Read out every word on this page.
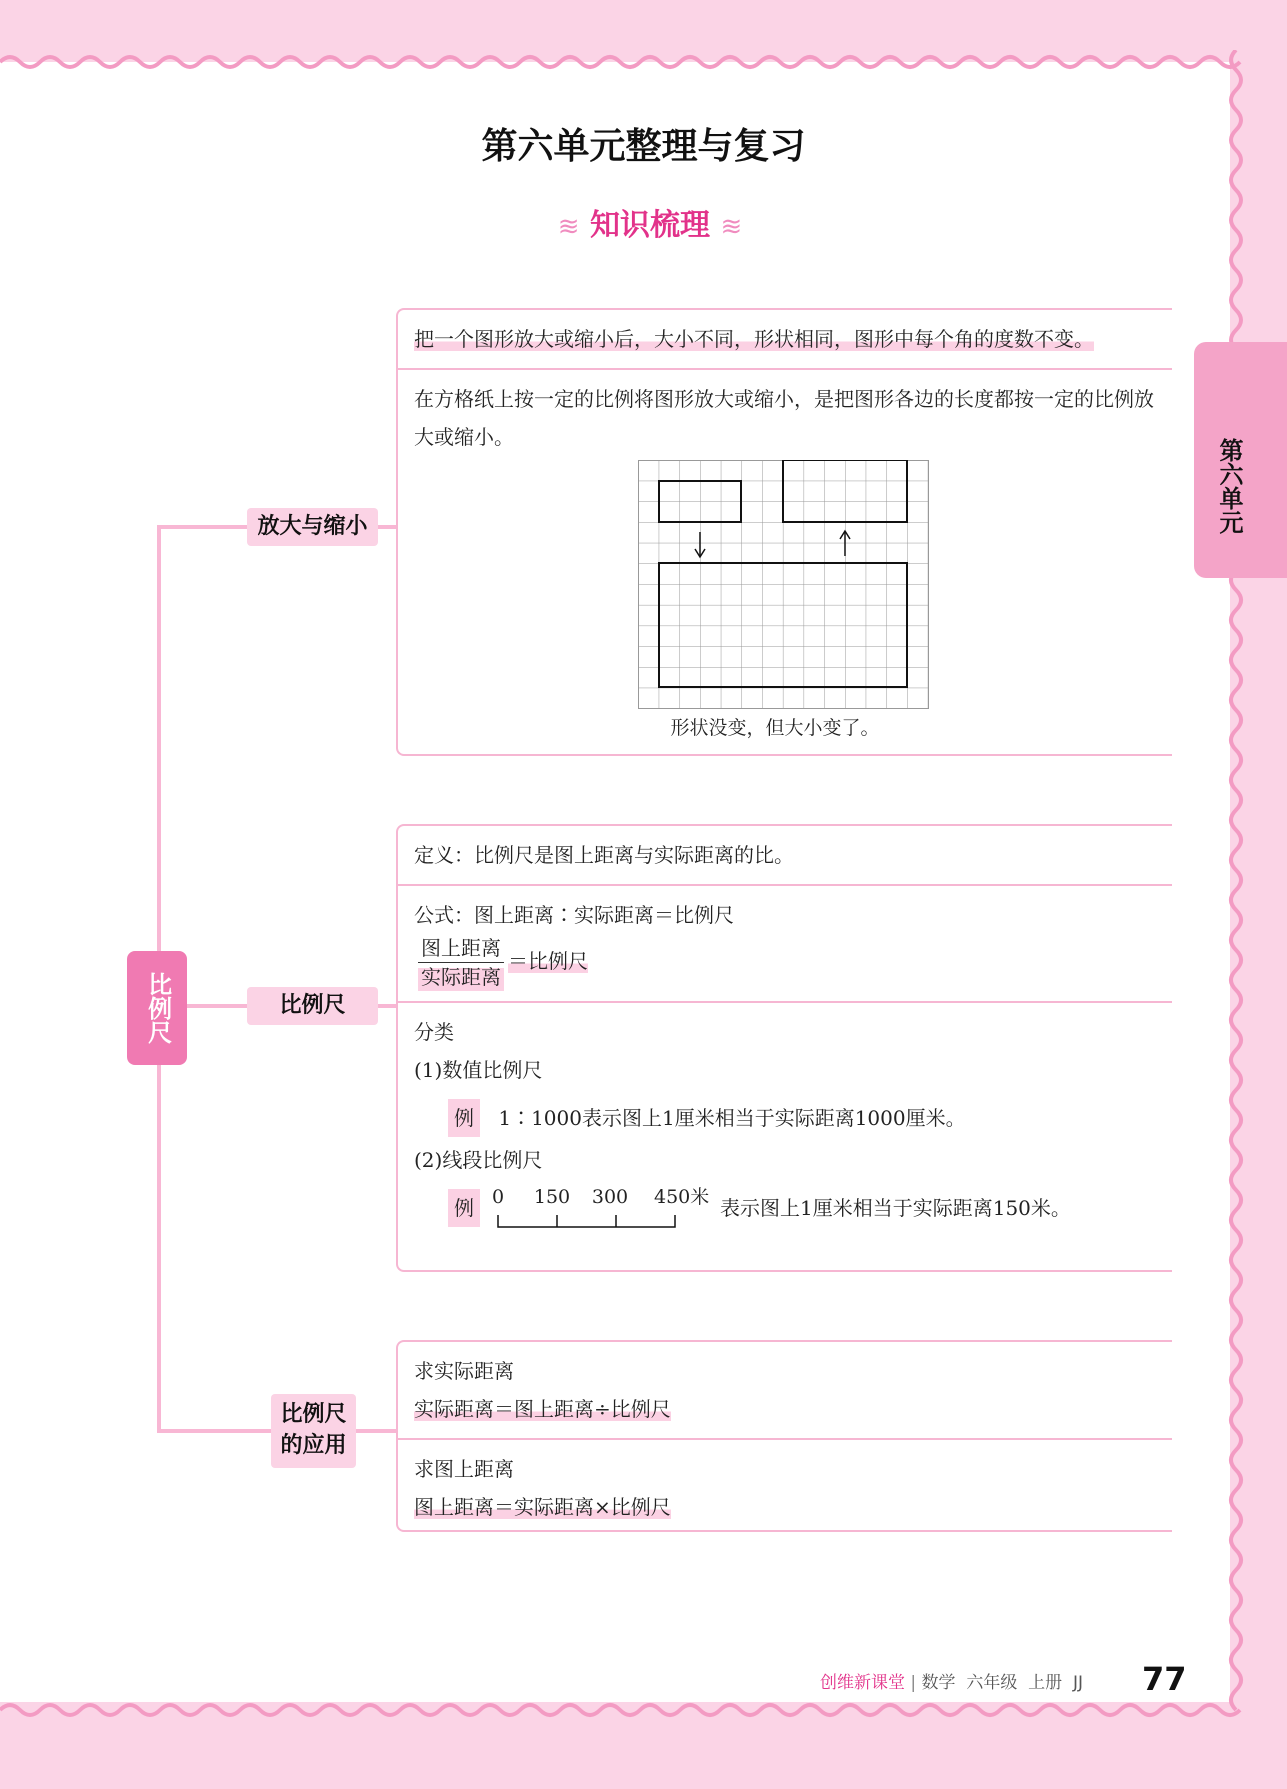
第六单元整理与复习
≋ 知识梳理 ≋
第六单元
比例尺
放大与缩小
比例尺
比例尺的应用
把一个图形放大或缩小后，大小不同，形状相同，图形中每个角的度数不变。
在方格纸上按一定的比例将图形放大或缩小，是把图形各边的长度都按一定的比例放大或缩小。
形状没变，但大小变了。
定义：比例尺是图上距离与实际距离的比。
公式：图上距离∶实际距离＝比例尺
$\frac{\text{图上距离}}{\text{实际距离}}$ ＝比例尺
分类
(1)数值比例尺
例 1∶1000表示图上1厘米相当于实际距离1000厘米。
(2)线段比例尺
例 0 150 300 450米 表示图上1厘米相当于实际距离150米。
求实际距离
实际距离＝图上距离÷比例尺
求图上距离
图上距离＝实际距离×比例尺
创维新课堂 | 数学 六年级 上册 JJ 77
